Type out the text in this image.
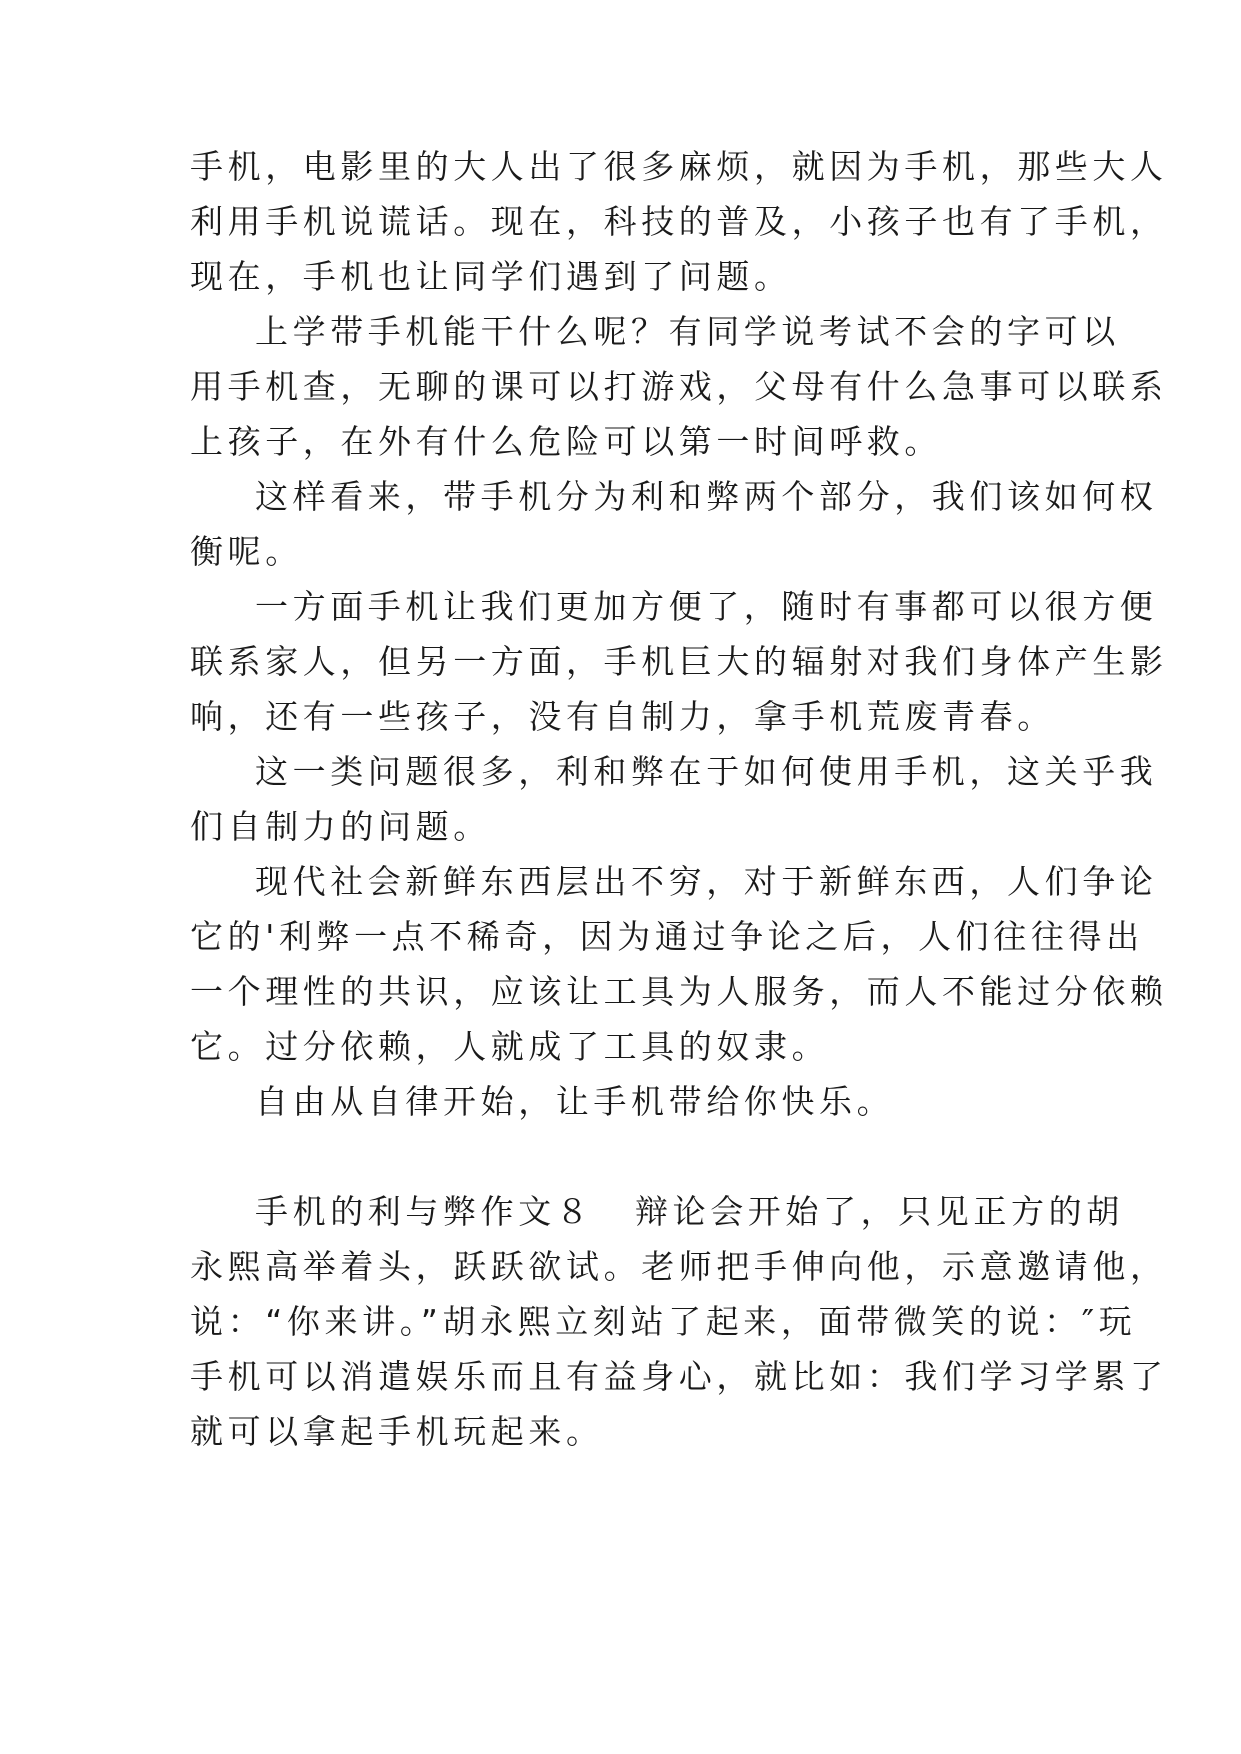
手机，电影里的大人出了很多麻烦，就因为手机，那些大人
利用手机说谎话。现在，科技的普及，小孩子也有了手机，
现在，手机也让同学们遇到了问题。
上学带手机能干什么呢？有同学说考试不会的字可以
用手机查，无聊的课可以打游戏，父母有什么急事可以联系
上孩子，在外有什么危险可以第一时间呼救。
这样看来，带手机分为利和弊两个部分，我们该如何权
衡呢。
一方面手机让我们更加方便了，随时有事都可以很方便
联系家人，但另一方面，手机巨大的辐射对我们身体产生影
响，还有一些孩子，没有自制力，拿手机荒废青春。
这一类问题很多，利和弊在于如何使用手机，这关乎我
们自制力的问题。
现代社会新鲜东西层出不穷，对于新鲜东西，人们争论
它的'利弊一点不稀奇，因为通过争论之后，人们往往得出
一个理性的共识，应该让工具为人服务，而人不能过分依赖
它。过分依赖，人就成了工具的奴隶。
自由从自律开始，让手机带给你快乐。
手机的利与弊作文８ 辩论会开始了，只见正方的胡
永熙高举着头，跃跃欲试。老师把手伸向他，示意邀请他，
说：“你来讲。”胡永熙立刻站了起来，面带微笑的说：″玩
手机可以消遣娱乐而且有益身心，就比如：我们学习学累了
就可以拿起手机玩起来。
